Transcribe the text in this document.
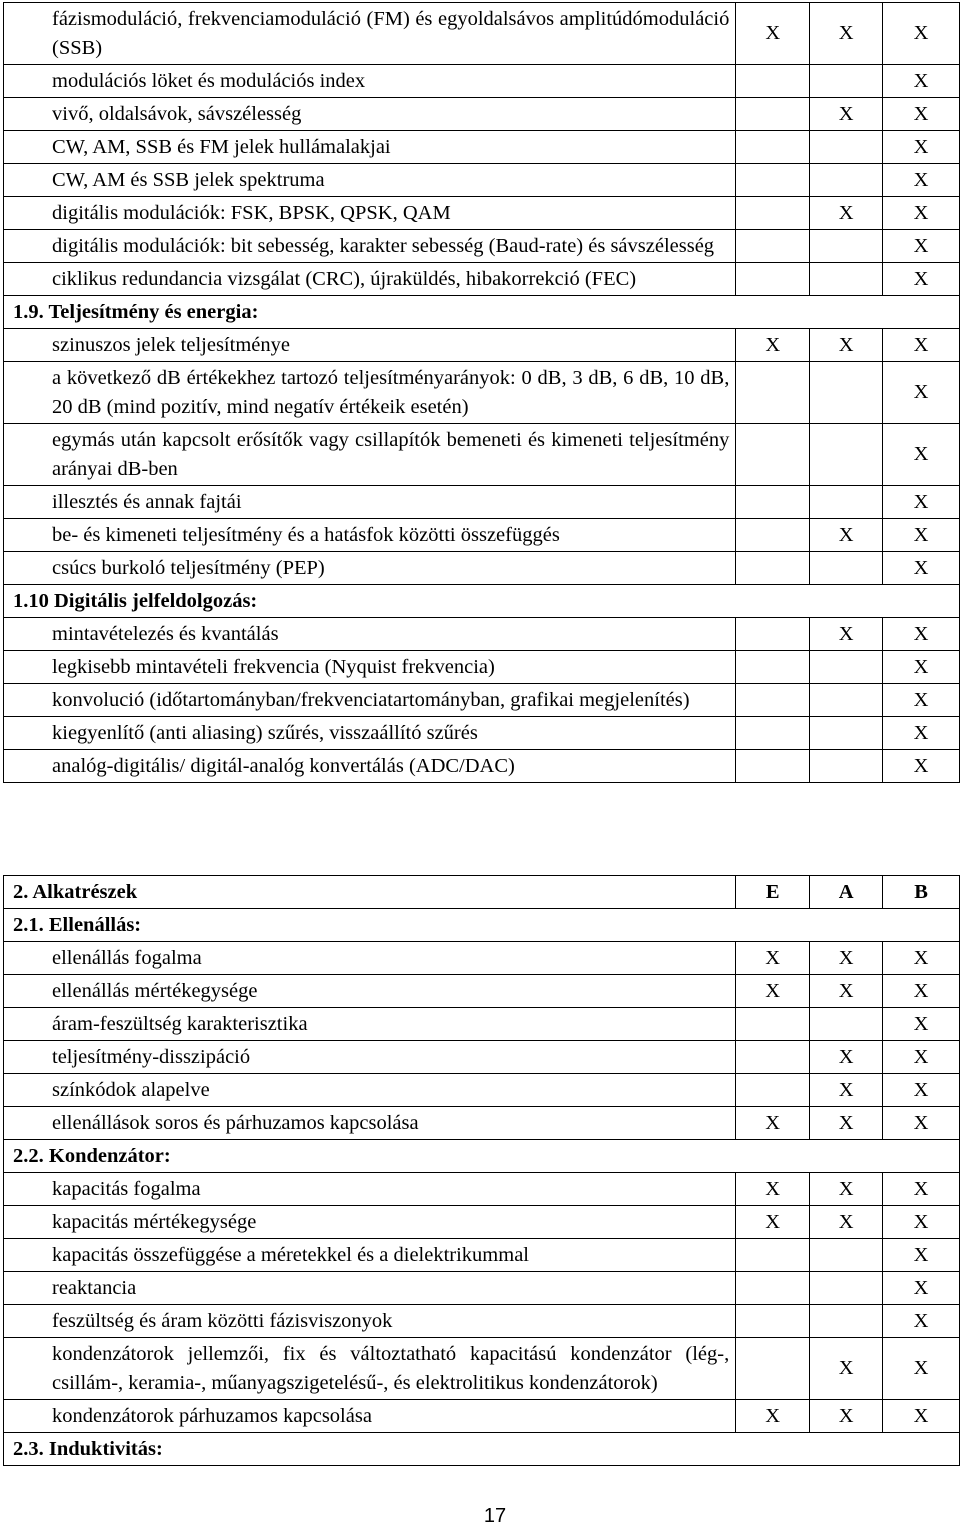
fázismoduláció, frekvenciamoduláció (FM) és egyoldalsávos amplitúdómoduláció (SSB)	X	X	X
modulációs löket és modulációs index			X
vivő, oldalsávok, sávszélesség		X	X
CW, AM, SSB és FM jelek hullámalakjai			X
CW, AM és SSB jelek spektruma			X
digitális modulációk: FSK, BPSK, QPSK, QAM		X	X
digitális modulációk: bit sebesség, karakter sebesség (Baud-rate) és sávszélesség			X
ciklikus redundancia vizsgálat (CRC), újraküldés, hibakorrekció (FEC)			X
1.9. Teljesítmény és energia:			
szinuszos jelek teljesítménye	X	X	X
a következő dB értékekhez tartozó teljesítményarányok: 0 dB, 3 dB, 6 dB, 10 dB, 20 dB (mind pozitív, mind negatív értékeik esetén)			X
egymás után kapcsolt erősítők vagy csillapítók bemeneti és kimeneti teljesítmény arányai dB-ben			X
illesztés és annak fajtái			X
be- és kimeneti teljesítmény és a hatásfok közötti összefüggés		X	X
csúcs burkoló teljesítmény (PEP)			X
1.10 Digitális jelfeldolgozás:			
mintavételezés és kvantálás		X	X
legkisebb mintavételi frekvencia (Nyquist frekvencia)			X
konvolució (időtartományban/frekvenciatartományban, grafikai megjelenítés)			X
kiegyenlítő (anti aliasing) szűrés, visszaállító szűrés			X
analóg-digitális/ digitál-analóg konvertálás (ADC/DAC)			X
2. Alkatrészek	E	A	B
2.1. Ellenállás:			
ellenállás fogalma	X	X	X
ellenállás mértékegysége	X	X	X
áram-feszültség karakterisztika			X
teljesítmény-disszipáció		X	X
színkódok alapelve		X	X
ellenállások soros és párhuzamos kapcsolása	X	X	X
2.2. Kondenzátor:			
kapacitás fogalma	X	X	X
kapacitás mértékegysége	X	X	X
kapacitás összefüggése a méretekkel és a dielektrikummal			X
reaktancia			X
feszültség és áram közötti fázisviszonyok			X
kondenzátorok jellemzői, fix és változtatható kapacitású kondenzátor (lég-, csillám-, keramia-, műanyagszigetelésű-, és elektrolitikus kondenzátorok)		X	X
kondenzátorok párhuzamos kapcsolása	X	X	X
2.3. Induktivitás:			
17
